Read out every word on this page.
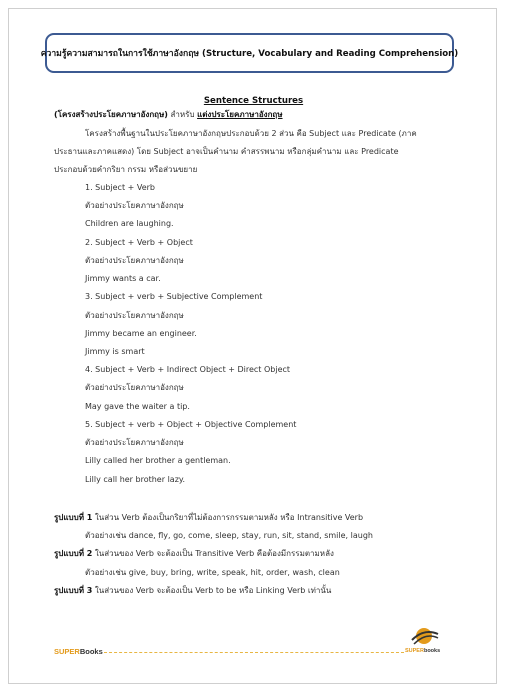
ความรู้ความสามารถในการใช้ภาษาอังกฤษ (Structure, Vocabulary and Reading Comprehension)
Sentence Structures
(โครงสร้างประโยคภาษาอังกฤษ) สำหรับ แต่งประโยคภาษาอังกฤษ
โครงสร้างพื้นฐานในประโยคภาษาอังกฤษประกอบด้วย 2 ส่วน คือ Subject และ Predicate (ภาค
ประธานและภาคแสดง) โดย Subject อาจเป็นคำนาม คำสรรพนาม หรือกลุ่มคำนาม และ Predicate
ประกอบด้วยคำกริยา กรรม หรือส่วนขยาย
1. Subject + Verb
ตัวอย่างประโยคภาษาอังกฤษ
Children are laughing.
2. Subject + Verb + Object
ตัวอย่างประโยคภาษาอังกฤษ
Jimmy wants a car.
3. Subject + verb + Subjective Complement
ตัวอย่างประโยคภาษาอังกฤษ
Jimmy became an engineer.
Jimmy is smart
4. Subject + Verb + Indirect Object + Direct Object
ตัวอย่างประโยคภาษาอังกฤษ
May gave the waiter a tip.
5. Subject + verb + Object + Objective Complement
ตัวอย่างประโยคภาษาอังกฤษ
Lilly called her brother a gentleman.
Lilly call her brother lazy.
รูปแบบที่ 1 ในส่วน Verb ต้องเป็นกริยาที่ไม่ต้องการกรรมตามหลัง หรือ Intransitive Verb
ตัวอย่างเช่น dance, fly, go, come, sleep, stay, run, sit, stand, smile, laugh
รูปแบบที่ 2 ในส่วนของ Verb จะต้องเป็น Transitive Verb คือต้องมีกรรมตามหลัง
ตัวอย่างเช่น give, buy, bring, write, speak, hit, order, wash, clean
รูปแบบที่ 3 ในส่วนของ Verb จะต้องเป็น Verb to be หรือ Linking Verb เท่านั้น
SUPERBooks	SUPERbooks
